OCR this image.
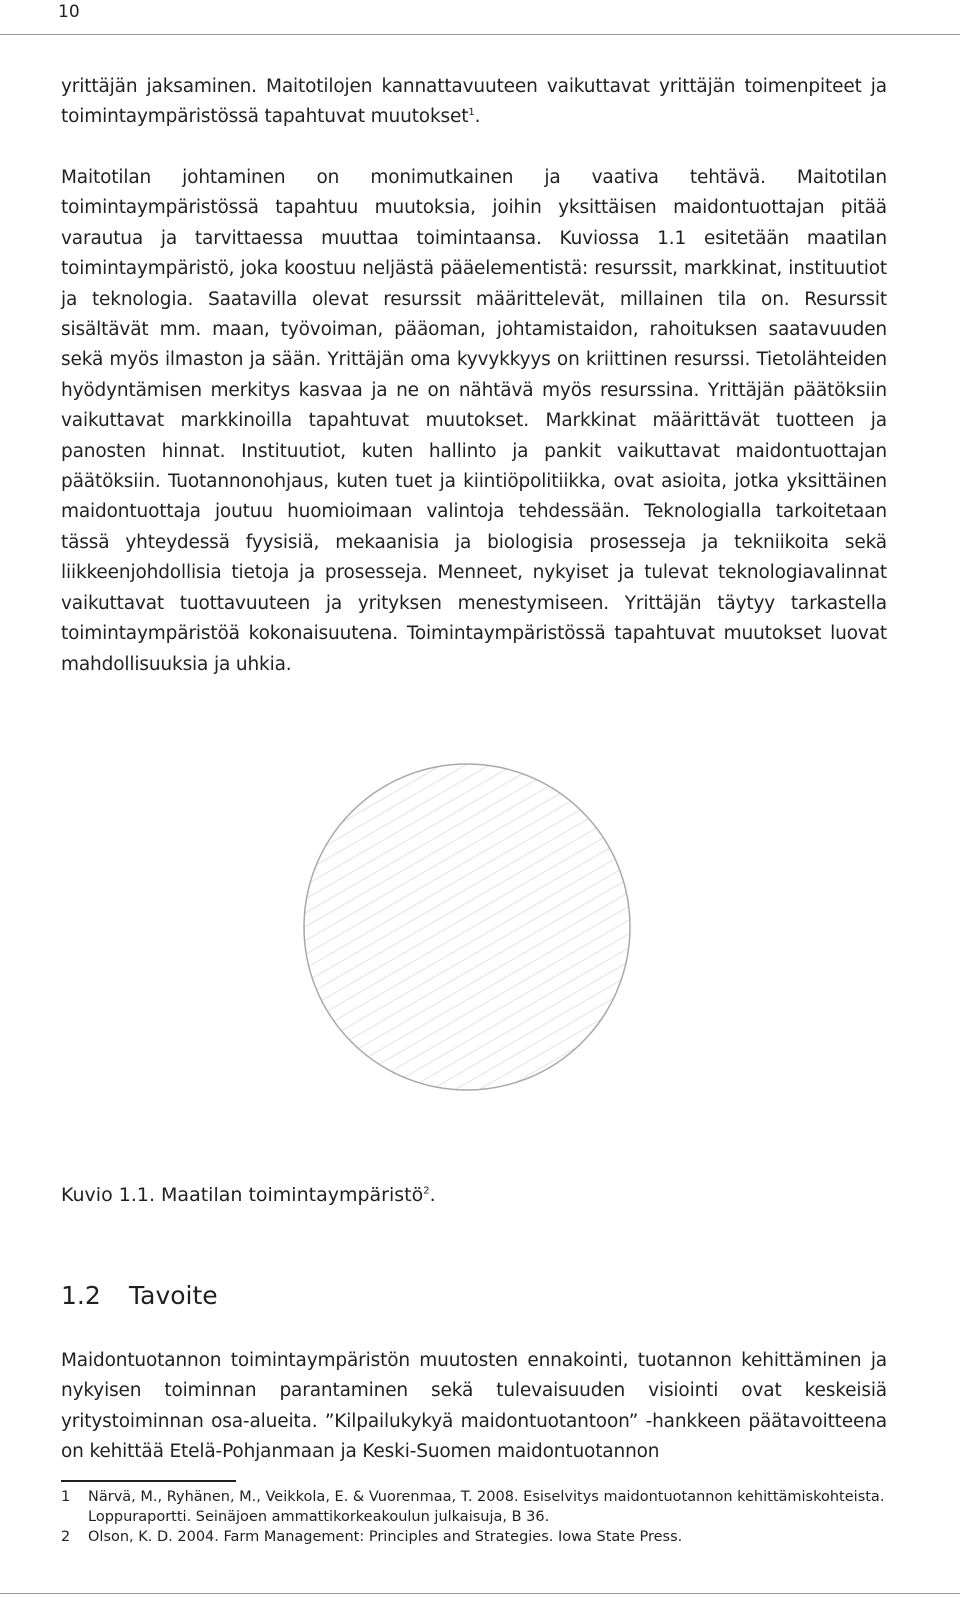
10

yrittäjän jaksaminen. Maitotilojen kannattavuuteen vaikuttavat yrittäjän toimenpiteet ja toimintaympäristössä tapahtuvat muutokset$^1$.

Maitotilan johtaminen on monimutkainen ja vaativa tehtävä. Maitotilan toimintaympäristössä tapahtuu muutoksia, joihin yksittäisen maidontuottajan pitää varautua ja tarvittaessa muuttaa toimintaansa. Kuviossa 1.1 esitetään maatilan toimintaympäristö, joka koostuu neljästä pääelementistä: resurssit, markkinat, instituutiot ja teknologia. Saatavilla olevat resurssit määrittelevät, millainen tila on. Resurssit sisältävät mm. maan, työvoiman, pääoman, johtamistaidon, rahoituksen saatavuuden sekä myös ilmaston ja sään. Yrittäjän oma kyvykkyys on kriittinen resurssi. Tietolähteiden hyödyntämisen merkitys kasvaa ja ne on nähtävä myös resurssina. Yrittäjän päätöksiin vaikuttavat markkinoilla tapahtuvat muutokset. Markkinat määrittävät tuotteen ja panosten hinnat. Instituutiot, kuten hallinto ja pankit vaikuttavat maidontuottajan päätöksiin. Tuotannonohjaus, kuten tuet ja kiintiöpolitiikka, ovat asioita, jotka yksittäinen maidontuottaja joutuu huomioimaan valintoja tehdessään. Teknologialla tarkoitetaan tässä yhteydessä fyysisiä, mekaanisia ja biologisia prosesseja ja tekniikoita sekä liikkeenjohdollisia tietoja ja prosesseja. Menneet, nykyiset ja tulevat teknologiavalinnat vaikuttavat tuottavuuteen ja yrityksen menestymiseen. Yrittäjän täytyy tarkastella toimintaympäristöä kokonaisuutena. Toimintaympäristössä tapahtuvat muutokset luovat mahdollisuuksia ja uhkia.

Kuvio 1.1. Maatilan toimintaympäristö$^2$.

1.2 Tavoite

Maidontuotannon toimintaympäristön muutosten ennakointi, tuotannon kehittäminen ja nykyisen toiminnan parantaminen sekä tulevaisuuden visiointi ovat keskeisiä yritystoiminnan osa-alueita. ”Kilpailukykyä maidontuotantoon” -hankkeen päätavoitteena on kehittää Etelä-Pohjanmaan ja Keski-Suomen maidontuotannon

1	Närvä, M., Ryhänen, M., Veikkola, E. & Vuorenmaa, T. 2008. Esiselvitys maidontuotannon kehittämiskohteista. Loppuraportti. Seinäjoen ammattikorkeakoulun julkaisuja, B 36.

2	Olson, K. D. 2004. Farm Management: Principles and Strategies. Iowa State Press.
